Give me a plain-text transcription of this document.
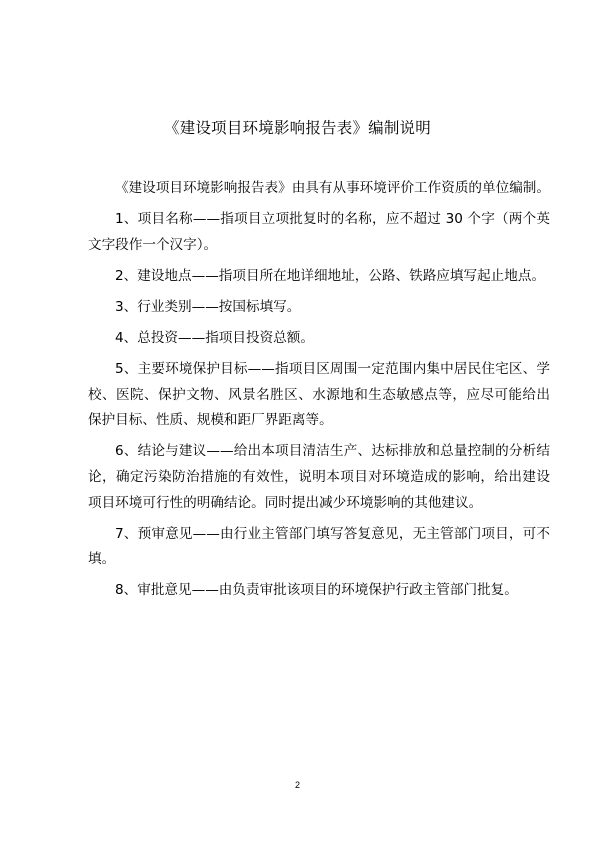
《建设项目环境影响报告表》编制说明

《建设项目环境影响报告表》由具有从事环境评价工作资质的单位编制。

1、项目名称——指项目立项批复时的名称，应不超过 30 个字（两个英文字段作一个汉字）。

2、建设地点——指项目所在地详细地址，公路、铁路应填写起止地点。

3、行业类别——按国标填写。

4、总投资——指项目投资总额。

5、主要环境保护目标——指项目区周围一定范围内集中居民住宅区、学校、医院、保护文物、风景名胜区、水源地和生态敏感点等，应尽可能给出保护目标、性质、规模和距厂界距离等。

6、结论与建议——给出本项目清洁生产、达标排放和总量控制的分析结论，确定污染防治措施的有效性，说明本项目对环境造成的影响，给出建设项目环境可行性的明确结论。同时提出减少环境影响的其他建议。

7、预审意见——由行业主管部门填写答复意见，无主管部门项目，可不填。

8、审批意见——由负责审批该项目的环境保护行政主管部门批复。

2
